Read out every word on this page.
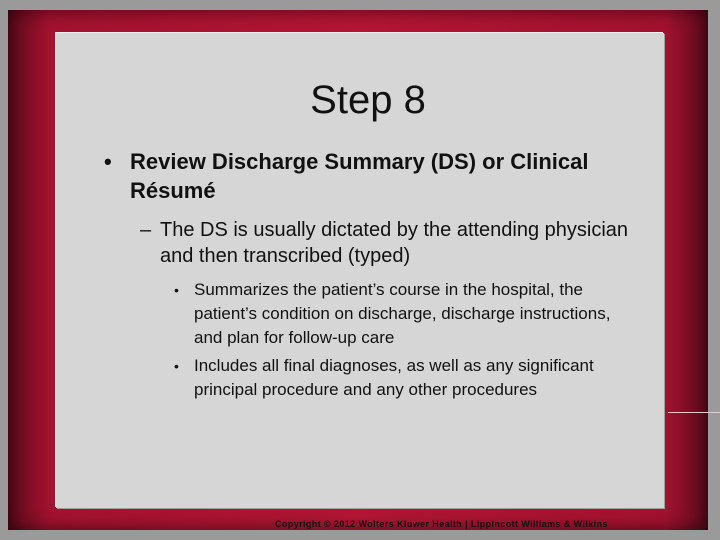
Step 8
• Review Discharge Summary (DS) or Clinical Résumé
– The DS is usually dictated by the attending physician and then transcribed (typed)
• Summarizes the patient’s course in the hospital, the patient’s condition on discharge, discharge instructions, and plan for follow-up care
• Includes all final diagnoses, as well as any significant principal procedure and any other procedures
Copyright © 2012 Wolters Kluwer Health | Lippincott Williams & Wilkins
